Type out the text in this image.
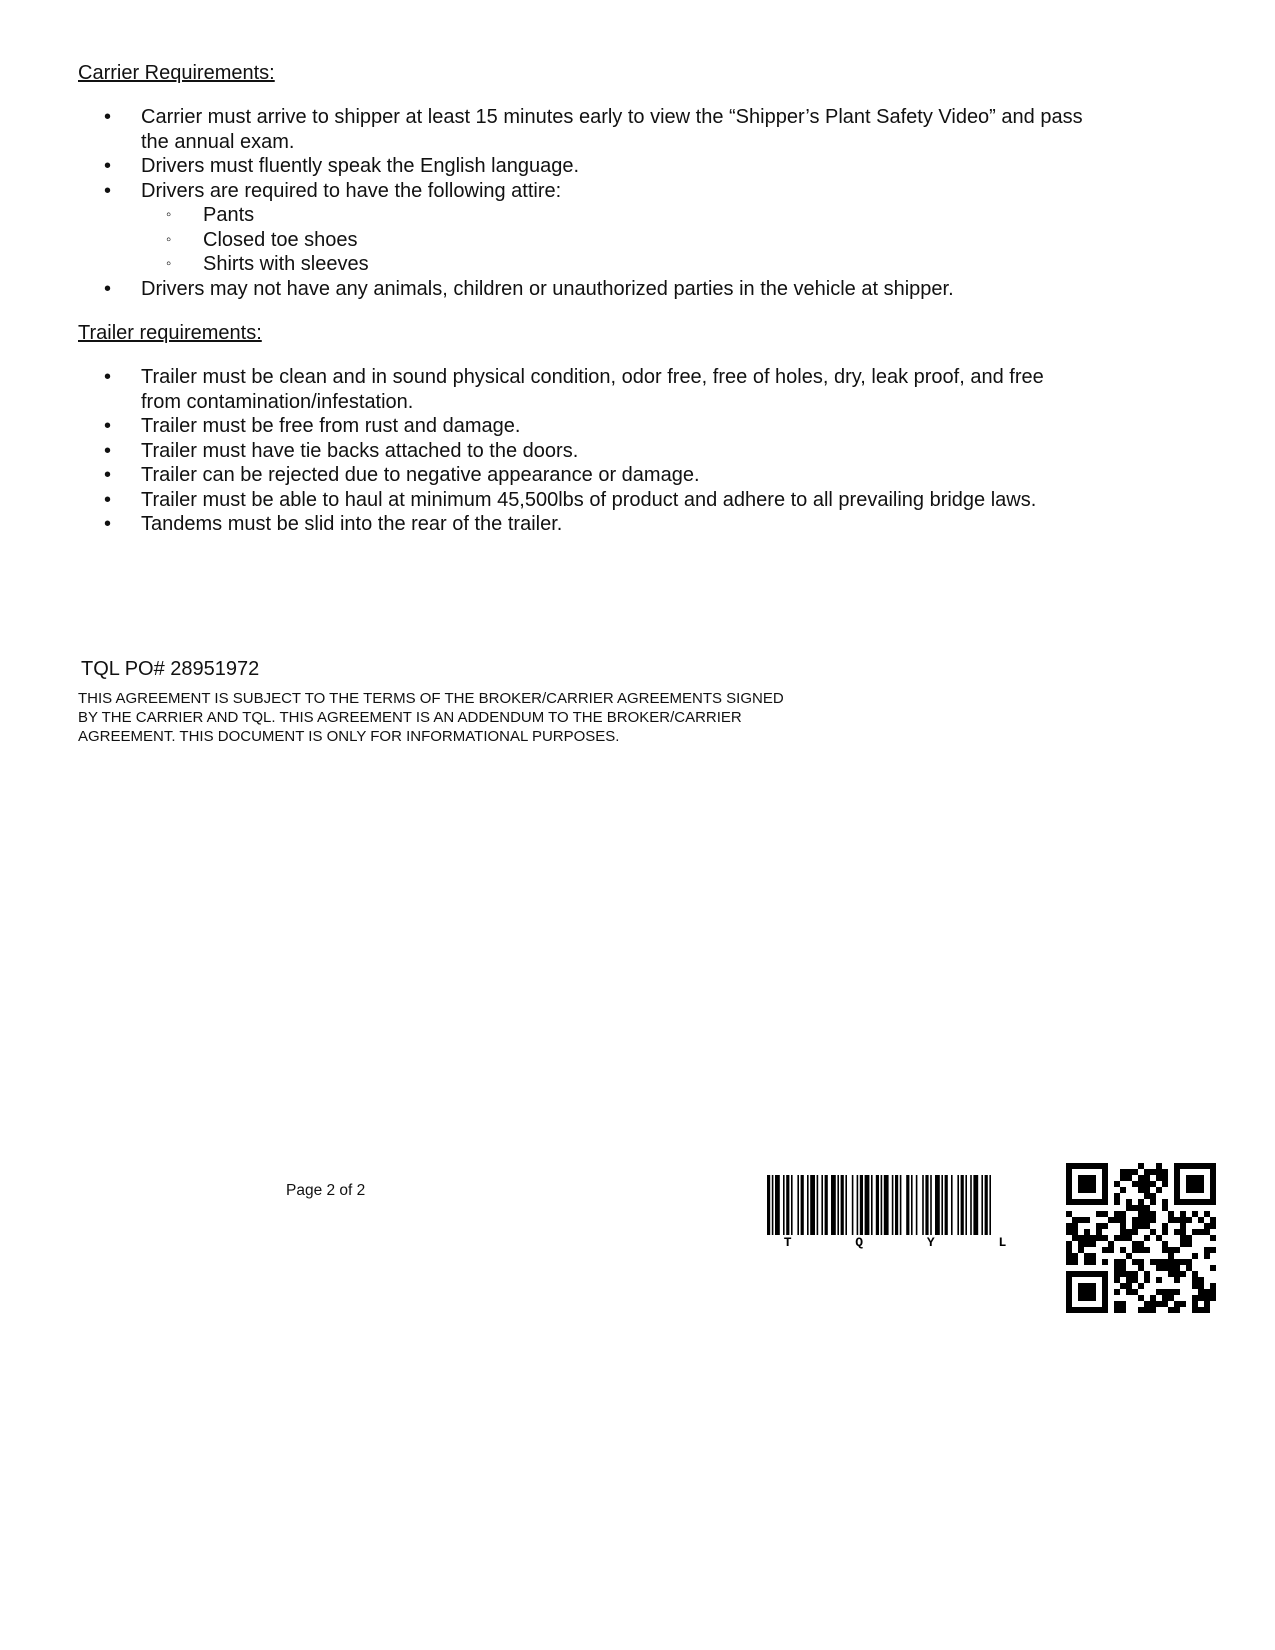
Carrier Requirements:
• Carrier must arrive to shipper at least 15 minutes early to view the “Shipper’s Plant Safety Video” and pass the annual exam.
• Drivers must fluently speak the English language.
• Drivers are required to have the following attire:
◦ Pants
◦ Closed toe shoes
◦ Shirts with sleeves
• Drivers may not have any animals, children or unauthorized parties in the vehicle at shipper.
Trailer requirements:
• Trailer must be clean and in sound physical condition, odor free, free of holes, dry, leak proof, and free from contamination/infestation.
• Trailer must be free from rust and damage.
• Trailer must have tie backs attached to the doors.
• Trailer can be rejected due to negative appearance or damage.
• Trailer must be able to haul at minimum 45,500lbs of product and adhere to all prevailing bridge laws.
• Tandems must be slid into the rear of the trailer.
TQL PO# 28951972
THIS AGREEMENT IS SUBJECT TO THE TERMS OF THE BROKER/CARRIER AGREEMENTS SIGNED BY THE CARRIER AND TQL. THIS AGREEMENT IS AN ADDENDUM TO THE BROKER/CARRIER AGREEMENT. THIS DOCUMENT IS ONLY FOR INFORMATIONAL PURPOSES.
Page 2 of 2
T Q Y L
